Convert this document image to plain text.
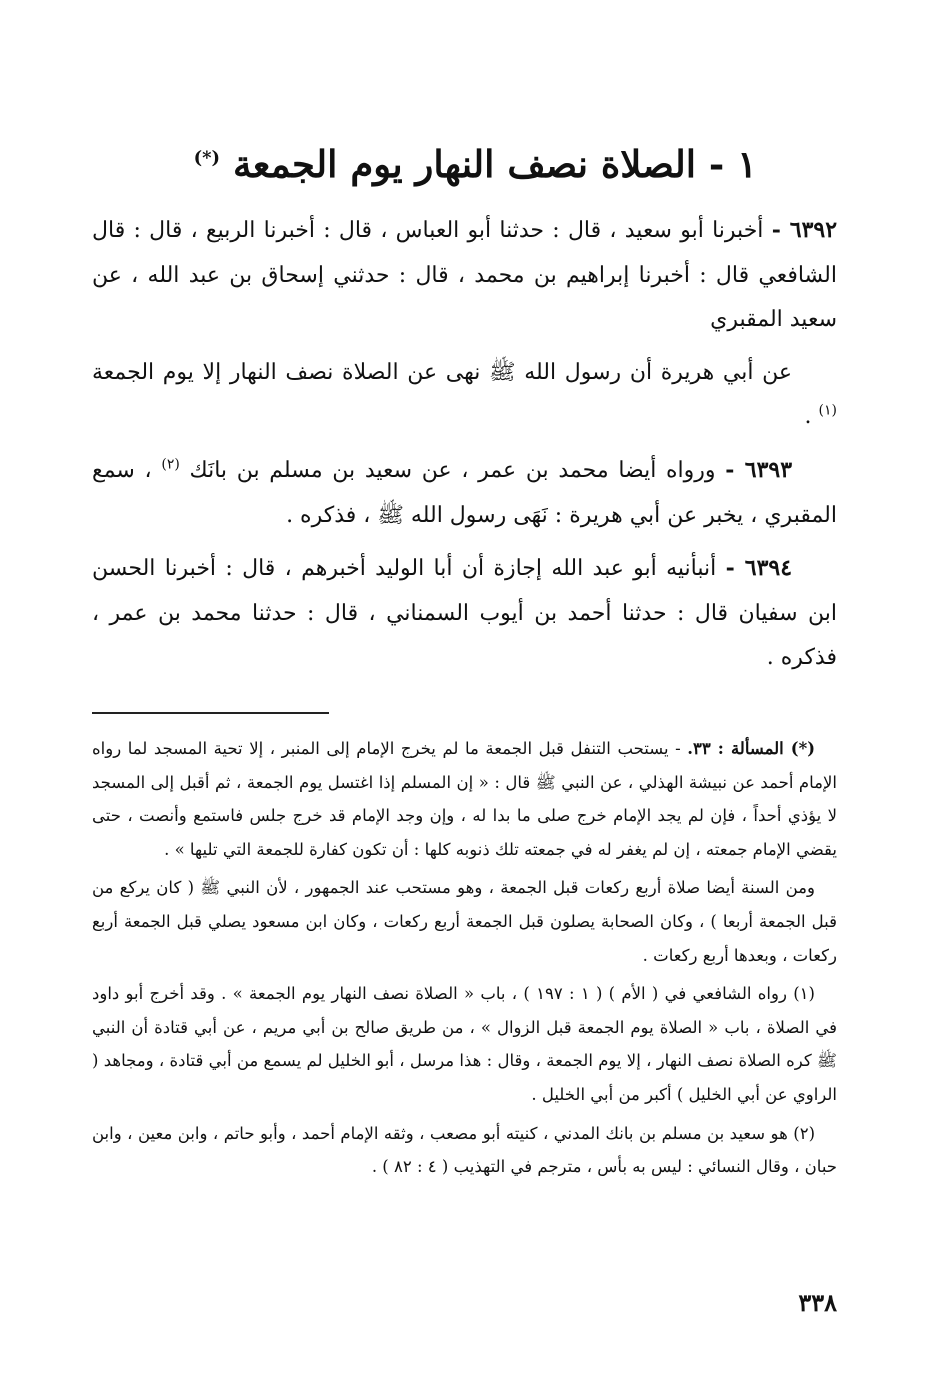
١ - الصلاة نصف النهار يوم الجمعة (*)

٦٣٩٢ - أخبرنا أبو سعيد ، قال : حدثنا أبو العباس ، قال : أخبرنا الربيع ، قال : قال الشافعي قال : أخبرنا إبراهيم بن محمد ، قال : حدثني إسحاق بن عبد الله ، عن سعيد المقبري

عن أبي هريرة أن رسول الله ﷺ نهى عن الصلاة نصف النهار إلا يوم الجمعة $^{(١)}$ .

٦٣٩٣ - ورواه أيضا محمد بن عمر ، عن سعيد بن مسلم بن بانَك $^{(٢)}$ ، سمع المقبري ، يخبر عن أبي هريرة : نَهَى رسول الله ﷺ ، فذكره .

٦٣٩٤ - أنبأنيه أبو عبد الله إجازة أن أبا الوليد أخبرهم ، قال : أخبرنا الحسن ابن سفيان قال : حدثنا أحمد بن أيوب السمناني ، قال : حدثنا محمد بن عمر ، فذكره .

(*) المسألة : ٣٣. - يستحب التنفل قبل الجمعة ما لم يخرج الإمام إلى المنبر ، إلا تحية المسجد لما رواه الإمام أحمد عن نبيشة الهذلي ، عن النبي ﷺ قال : « إن المسلم إذا اغتسل يوم الجمعة ، ثم أقبل إلى المسجد لا يؤذي أحداً ، فإن لم يجد الإمام خرج صلى ما بدا له ، وإن وجد الإمام قد خرج جلس فاستمع وأنصت ، حتى يقضي الإمام جمعته ، إن لم يغفر له في جمعته تلك ذنوبه كلها : أن تكون كفارة للجمعة التي تليها » .

ومن السنة أيضا صلاة أربع ركعات قبل الجمعة ، وهو مستحب عند الجمهور ، لأن النبي ﷺ ( كان يركع من قبل الجمعة أربعا ) ، وكان الصحابة يصلون قبل الجمعة أربع ركعات ، وكان ابن مسعود يصلي قبل الجمعة أربع ركعات ، وبعدها أربع ركعات .

(١) رواه الشافعي في ( الأم ) ( ١ : ١٩٧ ) ، باب « الصلاة نصف النهار يوم الجمعة » . وقد أخرج أبو داود في الصلاة ، باب « الصلاة يوم الجمعة قبل الزوال » ، من طريق صالح بن أبي مريم ، عن أبي قتادة أن النبي ﷺ كره الصلاة نصف النهار ، إلا يوم الجمعة ، وقال : هذا مرسل ، أبو الخليل لم يسمع من أبي قتادة ، ومجاهد ( الراوي عن أبي الخليل ) أكبر من أبي الخليل .

(٢) هو سعيد بن مسلم بن بانك المدني ، كنيته أبو مصعب ، وثقه الإمام أحمد ، وأبو حاتم ، وابن معين ، وابن حبان ، وقال النسائي : ليس به بأس ، مترجم في التهذيب ( ٤ : ٨٢ ) .

٣٣٨
